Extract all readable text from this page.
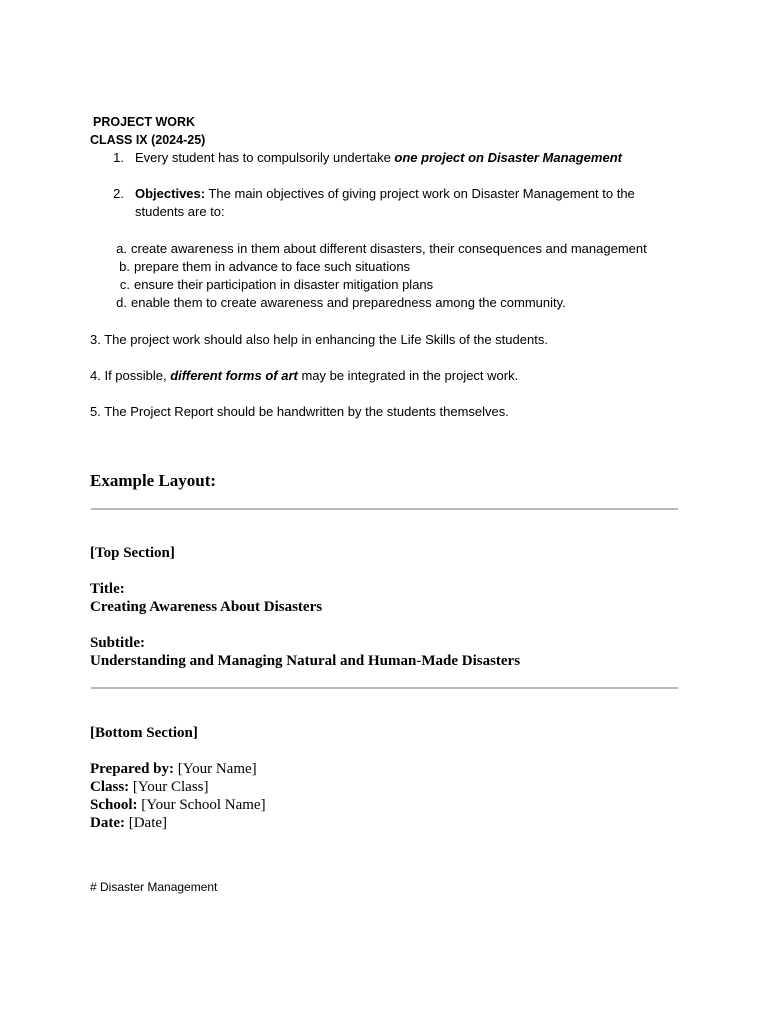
PROJECT WORK
CLASS IX (2024-25)
1. Every student has to compulsorily undertake one project on Disaster Management
2. Objectives: The main objectives of giving project work on Disaster Management to the
students are to:
a. create awareness in them about different disasters, their consequences and management
b. prepare them in advance to face such situations
c. ensure their participation in disaster mitigation plans
d. enable them to create awareness and preparedness among the community.
3. The project work should also help in enhancing the Life Skills of the students.
4. If possible, different forms of art may be integrated in the project work.
5. The Project Report should be handwritten by the students themselves.
Example Layout:
[Top Section]
Title:
Creating Awareness About Disasters
Subtitle:
Understanding and Managing Natural and Human-Made Disasters
[Bottom Section]
Prepared by: [Your Name]
Class: [Your Class]
School: [Your School Name]
Date: [Date]
# Disaster Management
